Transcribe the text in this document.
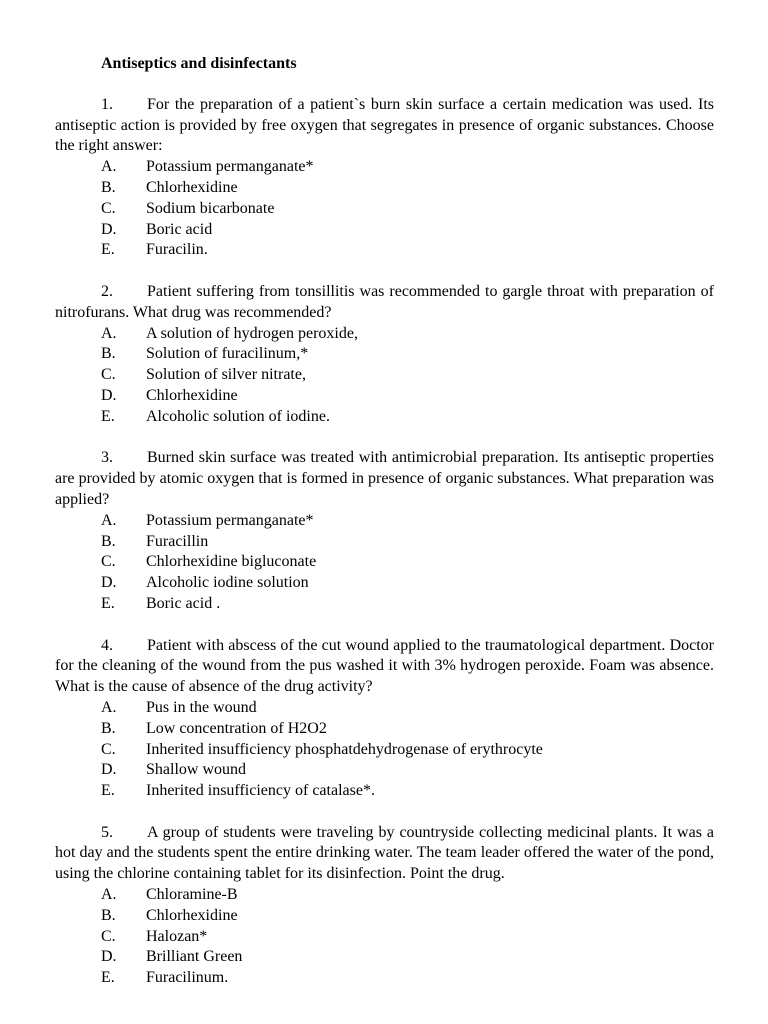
Antiseptics and disinfectants
1. For the preparation of a patient`s burn skin surface a certain medication was used. Its antiseptic action is provided by free oxygen that segregates in presence of organic substances. Choose the right answer:
A.	Potassium permanganate*
B.	Chlorhexidine
C.	Sodium bicarbonate
D.	Boric acid
E.	Furacilin.
2. Patient suffering from tonsillitis was recommended to gargle throat with preparation of nitrofurans. What drug was recommended?
A.	A solution of hydrogen peroxide,
B.	Solution of furacilinum,*
C.	Solution of silver nitrate,
D.	Chlorhexidine
E.	Alcoholic solution of iodine.
3. Burned skin surface was treated with antimicrobial preparation. Its antiseptic properties are provided by atomic oxygen that is formed in presence of organic substances. What preparation was applied?
A.	Potassium permanganate*
B.	Furacillin
C.	Chlorhexidine bigluconate
D.	Alcoholic iodine solution
E.	Boric acid .
4. Patient with abscess of the cut wound applied to the traumatological department. Doctor for the cleaning of the wound from the pus washed it with 3% hydrogen peroxide. Foam was absence. What is the cause of absence of the drug activity?
A.	Pus in the wound
B.	Low concentration of H2O2
C.	Inherited insufficiency phosphatdehydrogenase of erythrocyte
D.	Shallow wound
E.	Inherited insufficiency of catalase*.
5. A group of students were traveling by countryside collecting medicinal plants. It was a hot day and the students spent the entire drinking water. The team leader offered the water of the pond, using the chlorine containing tablet for its disinfection. Point the drug.
A.	Chloramine-B
B.	Chlorhexidine
C.	Halozan*
D.	Brilliant Green
E.	Furacilinum.
